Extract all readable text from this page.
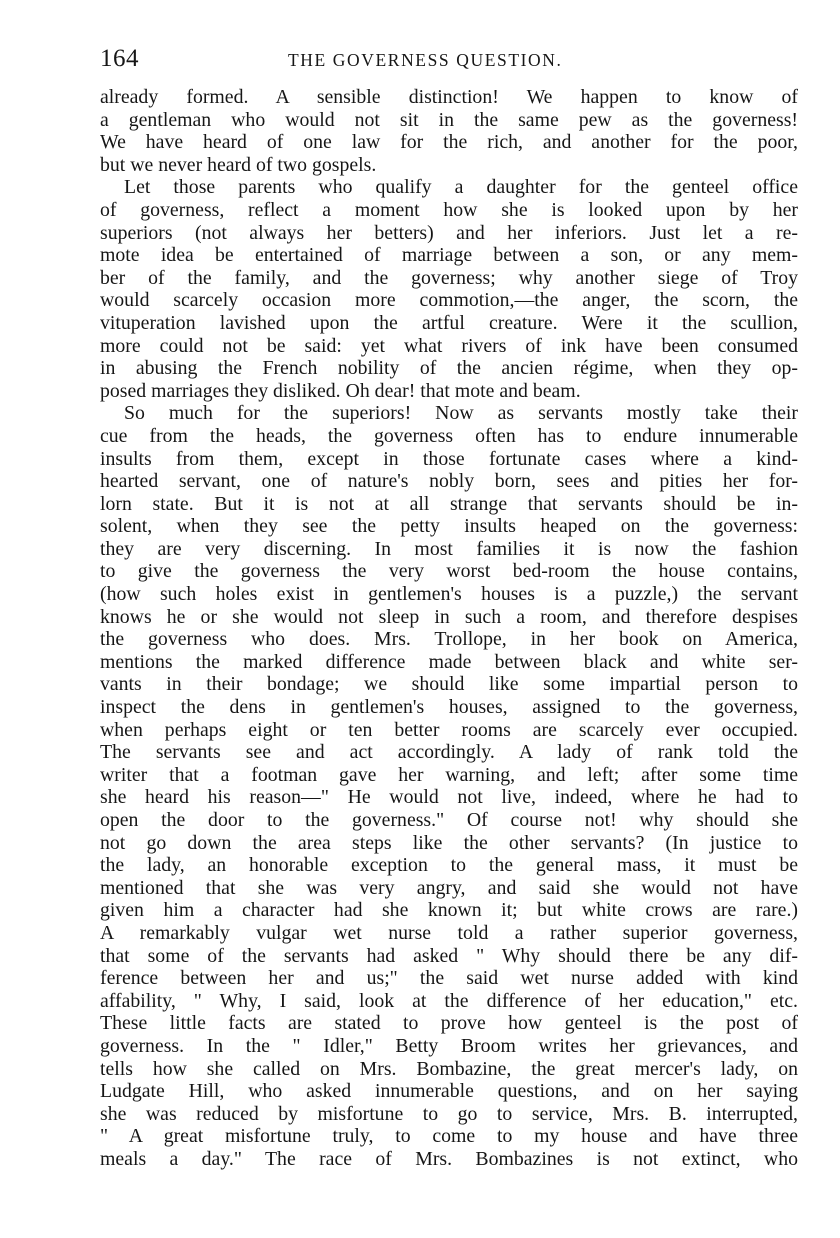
164	THE GOVERNESS QUESTION.
already formed. A sensible distinction! We happen to know of
a gentleman who would not sit in the same pew as the governess!
We have heard of one law for the rich, and another for the poor,
but we never heard of two gospels.
Let those parents who qualify a daughter for the genteel office
of governess, reflect a moment how she is looked upon by her
superiors (not always her betters) and her inferiors. Just let a re-
mote idea be entertained of marriage between a son, or any mem-
ber of the family, and the governess; why another siege of Troy
would scarcely occasion more commotion,—the anger, the scorn, the
vituperation lavished upon the artful creature. Were it the scullion,
more could not be said: yet what rivers of ink have been consumed
in abusing the French nobility of the ancien régime, when they op-
posed marriages they disliked. Oh dear! that mote and beam.
So much for the superiors! Now as servants mostly take their
cue from the heads, the governess often has to endure innumerable
insults from them, except in those fortunate cases where a kind-
hearted servant, one of nature's nobly born, sees and pities her for-
lorn state. But it is not at all strange that servants should be in-
solent, when they see the petty insults heaped on the governess:
they are very discerning. In most families it is now the fashion
to give the governess the very worst bed-room the house contains,
(how such holes exist in gentlemen's houses is a puzzle,) the servant
knows he or she would not sleep in such a room, and therefore despises
the governess who does. Mrs. Trollope, in her book on America,
mentions the marked difference made between black and white ser-
vants in their bondage; we should like some impartial person to
inspect the dens in gentlemen's houses, assigned to the governess,
when perhaps eight or ten better rooms are scarcely ever occupied.
The servants see and act accordingly. A lady of rank told the
writer that a footman gave her warning, and left; after some time
she heard his reason—" He would not live, indeed, where he had to
open the door to the governess." Of course not! why should she
not go down the area steps like the other servants? (In justice to
the lady, an honorable exception to the general mass, it must be
mentioned that she was very angry, and said she would not have
given him a character had she known it; but white crows are rare.)
A remarkably vulgar wet nurse told a rather superior governess,
that some of the servants had asked " Why should there be any dif-
ference between her and us;" the said wet nurse added with kind
affability, " Why, I said, look at the difference of her education," etc.
These little facts are stated to prove how genteel is the post of
governess. In the " Idler," Betty Broom writes her grievances, and
tells how she called on Mrs. Bombazine, the great mercer's lady, on
Ludgate Hill, who asked innumerable questions, and on her saying
she was reduced by misfortune to go to service, Mrs. B. interrupted,
" A great misfortune truly, to come to my house and have three
meals a day." The race of Mrs. Bombazines is not extinct, who
